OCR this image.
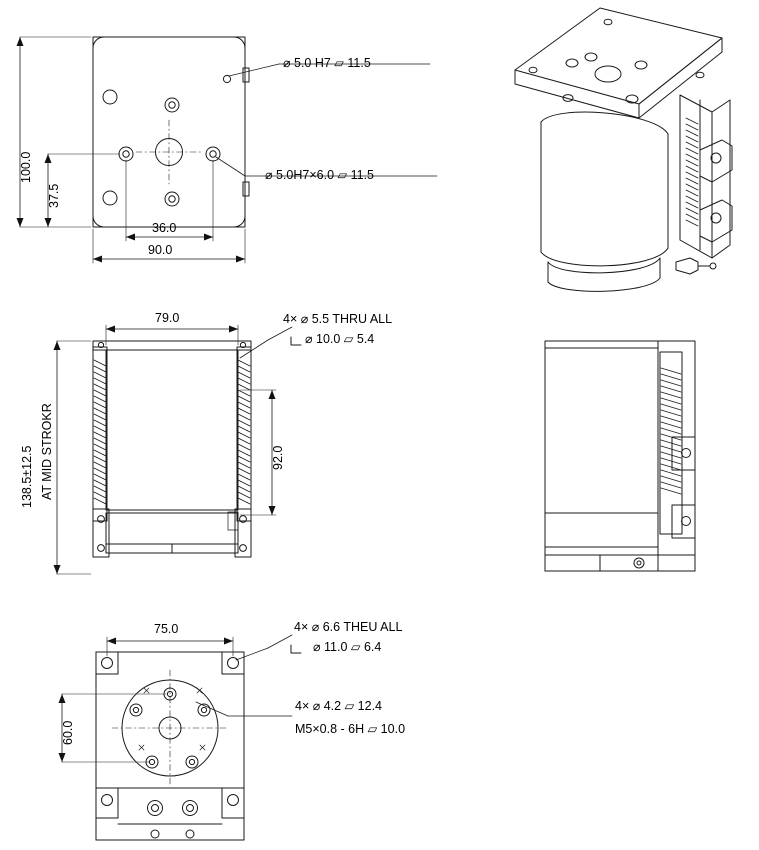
100.0
37.5
36.0
90.0
⌀ 5.0 H7 ⏥ 11.5
⌀ 5.0H7×6.0 ⏥ 11.5
79.0
92.0
138.5±12.5 AT MID STROKR
4× ⌀ 5.5 THRU ALL
⌀ 10.0 ⏥ 5.4
75.0
60.0
4× ⌀ 6.6 THEU ALL
⌀ 11.0 ⏥ 6.4
4× ⌀ 4.2 ⏥ 12.4
M5×0.8 - 6H ⏥ 10.0
